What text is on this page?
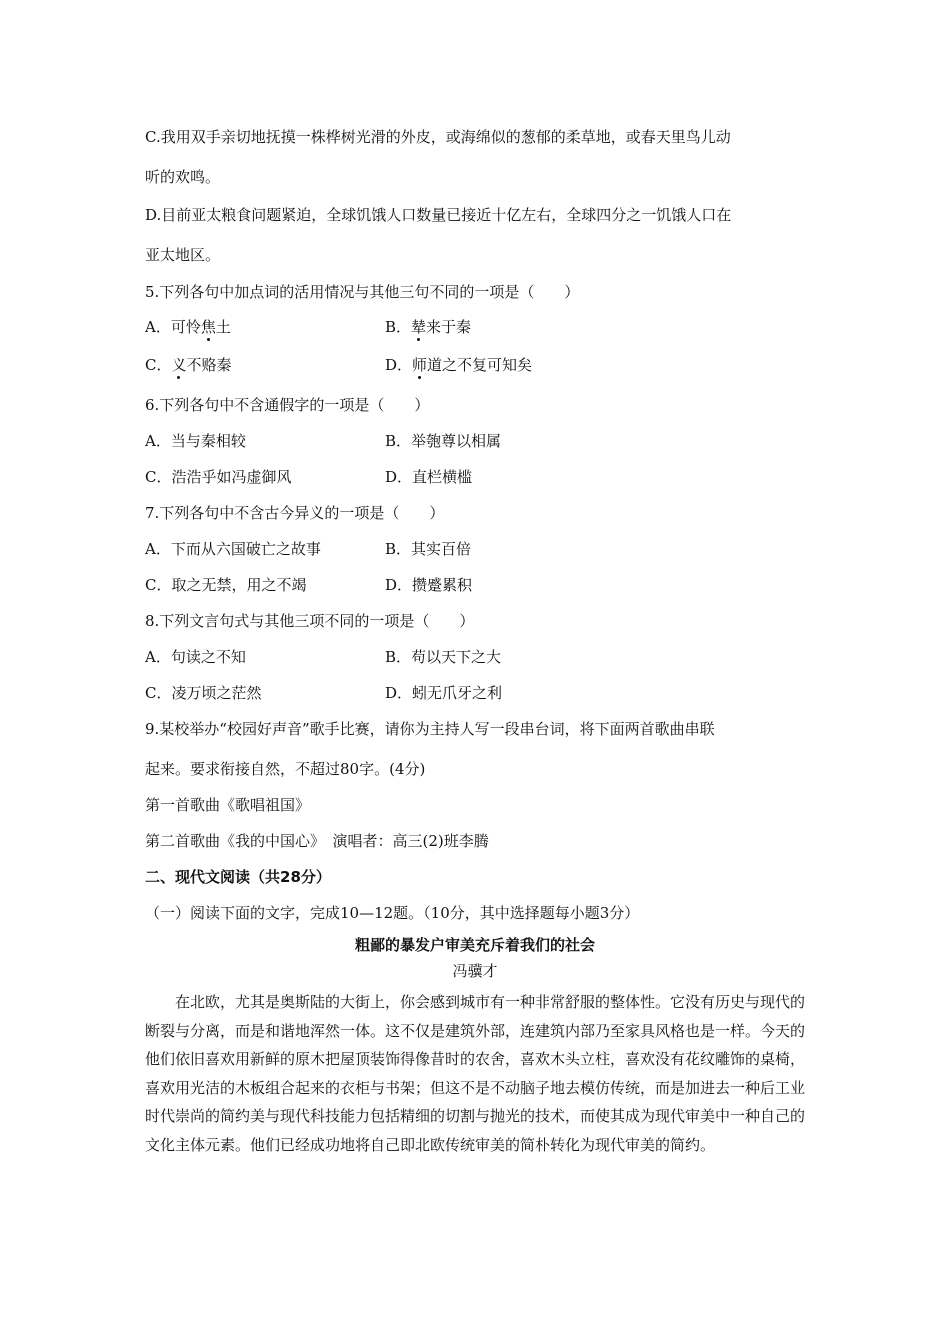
C.我用双手亲切地抚摸一株桦树光滑的外皮，或海绵似的葱郁的柔草地，或春天里鸟儿动
听的欢鸣。
D.目前亚太粮食问题紧迫，全球饥饿人口数量已接近十亿左右，全球四分之一饥饿人口在
亚太地区。
5.下列各句中加点词的活用情况与其他三句不同的一项是（　　）
A．可怜焦土	B．辇来于秦
C．义不赂秦	D．师道之不复可知矣
6.下列各句中不含通假字的一项是（　　）
A．当与秦相较	B．举匏尊以相属
C．浩浩乎如冯虚御风	D．直栏横槛
7.下列各句中不含古今异义的一项是（　　）
A．下而从六国破亡之故事	B．其实百倍
C．取之无禁，用之不竭	D．攒蹙累积
8.下列文言句式与其他三项不同的一项是（　　）
A．句读之不知	B．苟以天下之大
C．凌万顷之茫然	D．蚓无爪牙之利
9.某校举办“校园好声音”歌手比赛，请你为主持人写一段串台词，将下面两首歌曲串联
起来。要求衔接自然，不超过80字。(4分)
第一首歌曲《歌唱祖国》
第二首歌曲《我的中国心》　演唱者：高三(2)班李腾
二、现代文阅读（共28分）
（一）阅读下面的文字，完成10—12题。（10分，其中选择题每小题3分）
粗鄙的暴发户审美充斥着我们的社会
冯骥才
　　在北欧，尤其是奥斯陆的大街上，你会感到城市有一种非常舒服的整体性。它没有历史与现代的断裂与分离，而是和谐地浑然一体。这不仅是建筑外部，连建筑内部乃至家具风格也是一样。今天的他们依旧喜欢用新鲜的原木把屋顶装饰得像昔时的农舍，喜欢木头立柱，喜欢没有花纹雕饰的桌椅，喜欢用光洁的木板组合起来的衣柜与书架；但这不是不动脑子地去模仿传统，而是加进去一种后工业时代崇尚的简约美与现代科技能力包括精细的切割与抛光的技术，而使其成为现代审美中一种自己的文化主体元素。他们已经成功地将自己即北欧传统审美的简朴转化为现代审美的简约。
